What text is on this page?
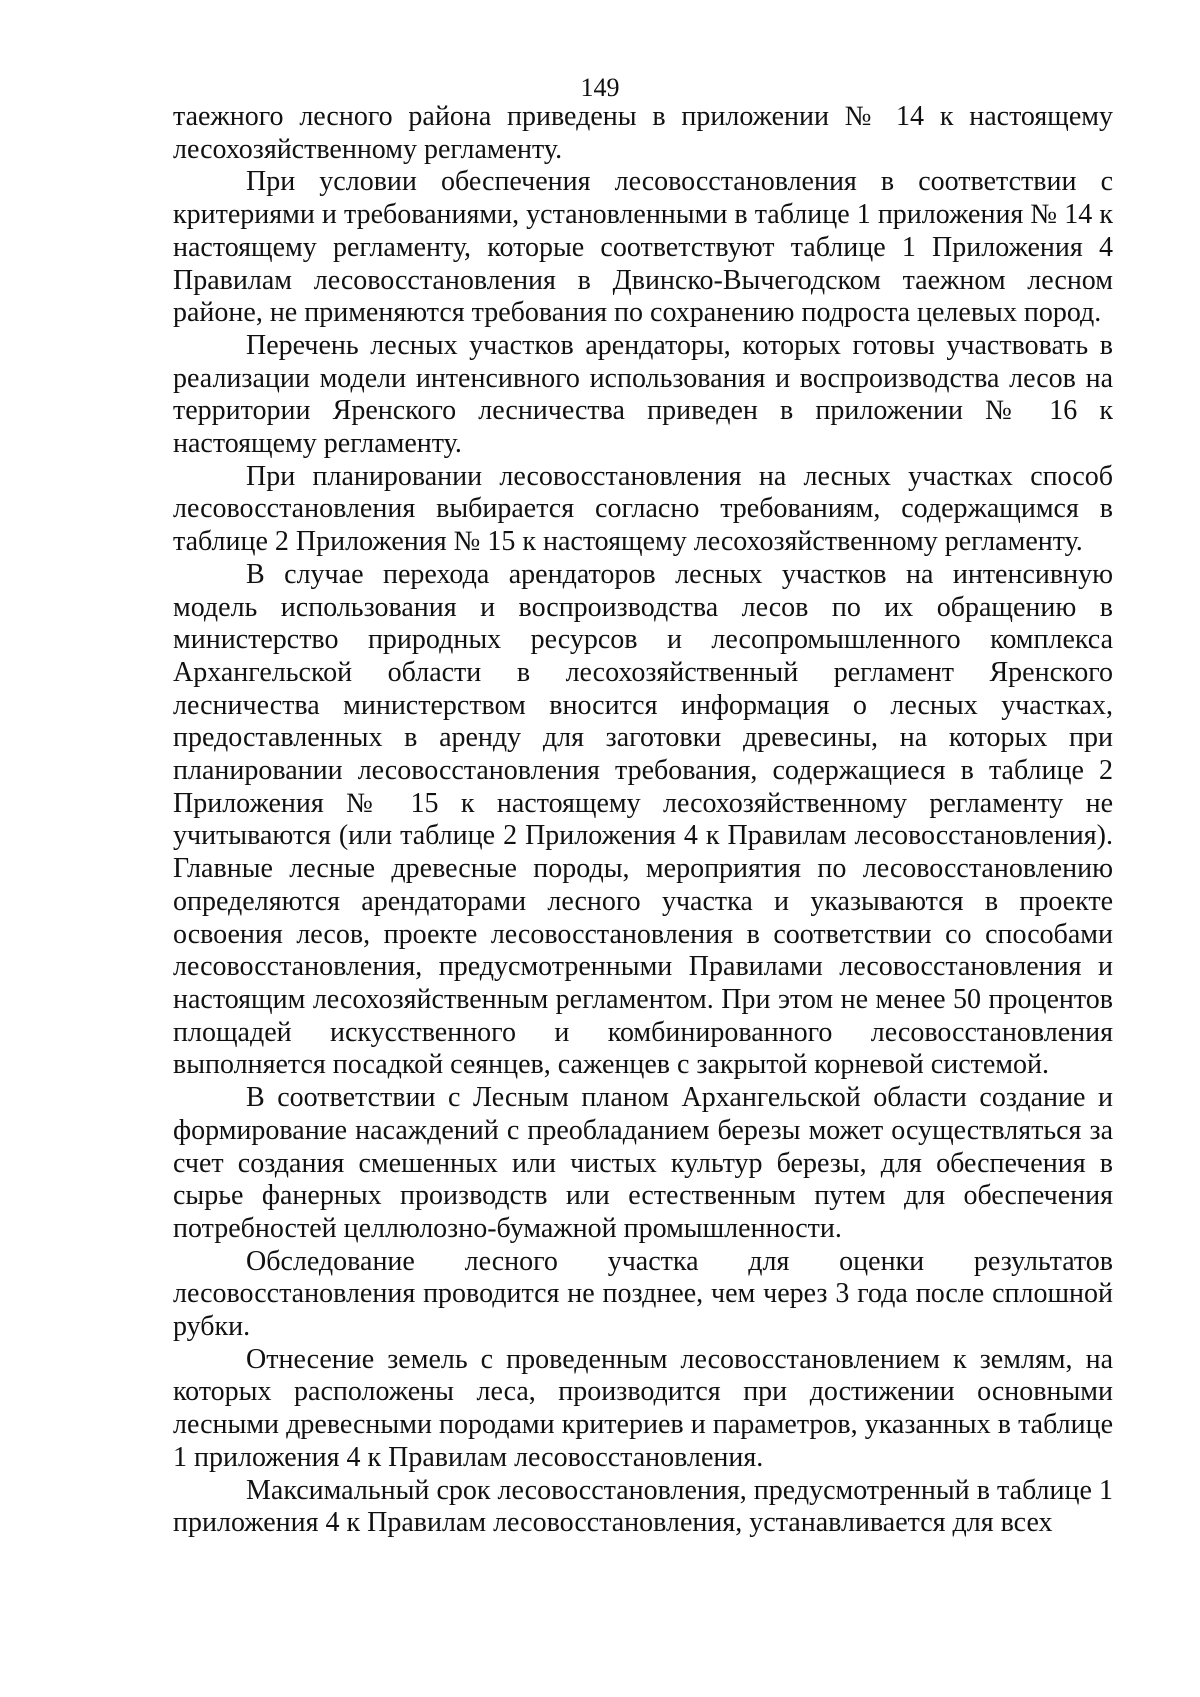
149

таежного лесного района приведены в приложении № 14 к настоящему лесохозяйственному регламенту.

При условии обеспечения лесовосстановления в соответствии с критериями и требованиями, установленными в таблице 1 приложения № 14 к настоящему регламенту, которые соответствуют таблице 1 Приложения 4 Правилам лесовосстановления в Двинско-Вычегодском таежном лесном районе, не применяются требования по сохранению подроста целевых пород.

Перечень лесных участков арендаторы, которых готовы участвовать в реализации модели интенсивного использования и воспроизводства лесов на территории Яренского лесничества приведен в приложении № 16 к настоящему регламенту.

При планировании лесовосстановления на лесных участках способ лесовосстановления выбирается согласно требованиям, содержащимся в таблице 2 Приложения № 15 к настоящему лесохозяйственному регламенту.

В случае перехода арендаторов лесных участков на интенсивную модель использования и воспроизводства лесов по их обращению в министерство природных ресурсов и лесопромышленного комплекса Архангельской области в лесохозяйственный регламент Яренского лесничества министерством вносится информация о лесных участках, предоставленных в аренду для заготовки древесины, на которых при планировании лесовосстановления требования, содержащиеся в таблице 2 Приложения № 15 к настоящему лесохозяйственному регламенту не учитываются (или таблице 2 Приложения 4 к Правилам лесовосстановления). Главные лесные древесные породы, мероприятия по лесовосстановлению определяются арендаторами лесного участка и указываются в проекте освоения лесов, проекте лесовосстановления в соответствии со способами лесовосстановления, предусмотренными Правилами лесовосстановления и настоящим лесохозяйственным регламентом. При этом не менее 50 процентов площадей искусственного и комбинированного лесовосстановления выполняется посадкой сеянцев, саженцев с закрытой корневой системой.

В соответствии с Лесным планом Архангельской области создание и формирование насаждений с преобладанием березы может осуществляться за счет создания смешенных или чистых культур березы, для обеспечения в сырье фанерных производств или естественным путем для обеспечения потребностей целлюлозно-бумажной промышленности.

Обследование лесного участка для оценки результатов лесовосстановления проводится не позднее, чем через 3 года после сплошной рубки.

Отнесение земель с проведенным лесовосстановлением к землям, на которых расположены леса, производится при достижении основными лесными древесными породами критериев и параметров, указанных в таблице 1 приложения 4 к Правилам лесовосстановления.

Максимальный срок лесовосстановления, предусмотренный в таблице 1 приложения 4 к Правилам лесовосстановления, устанавливается для всех
